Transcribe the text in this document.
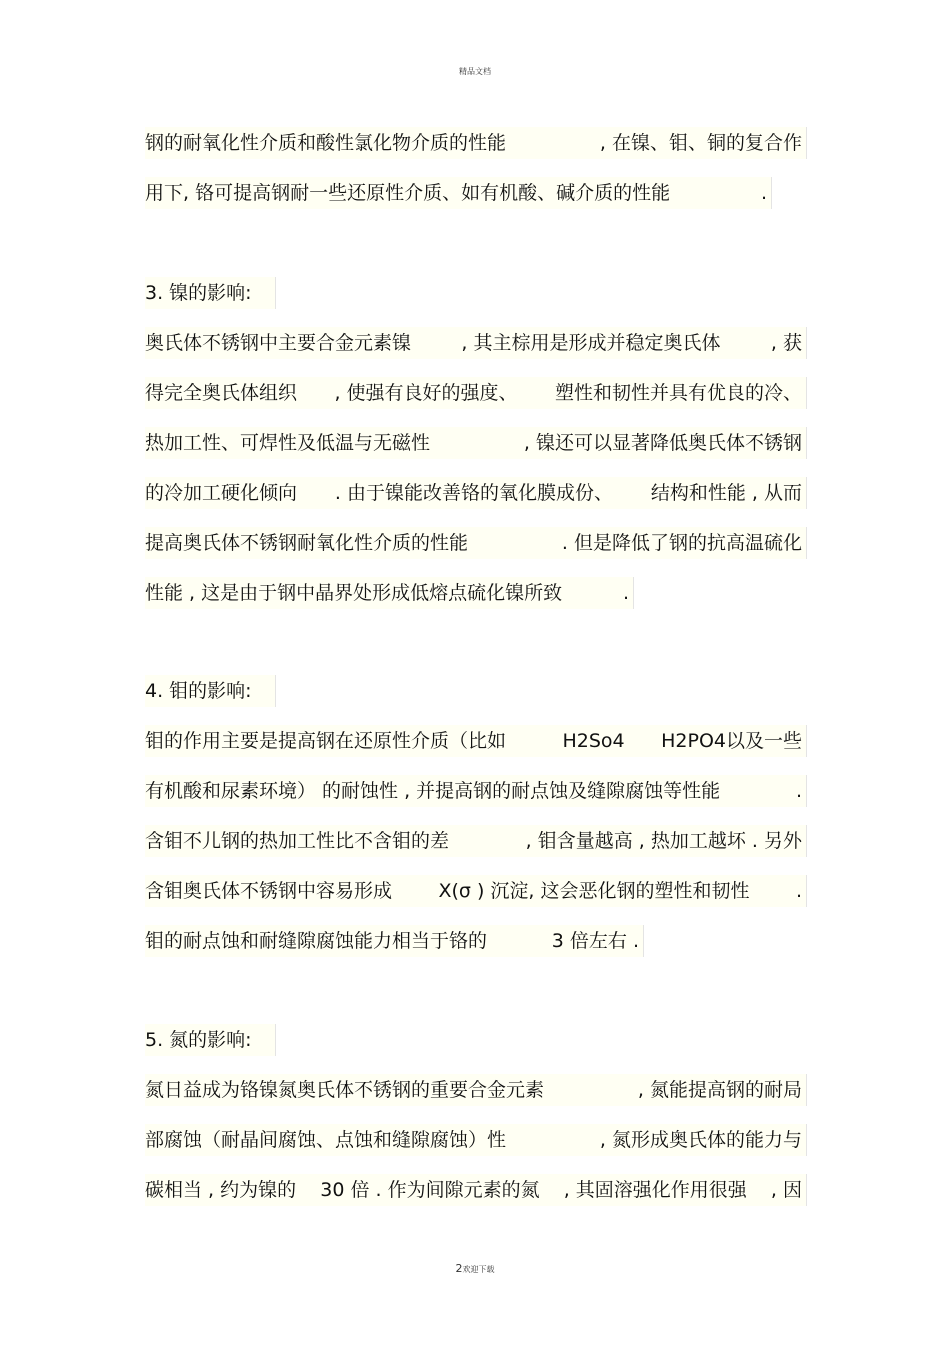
精品文档
钢的耐氧化性介质和酸性氯化物介质的性能	, 在镍、钼、铜的复合作
用下, 铬可提高钢耐一些还原性介质、如有机酸、碱介质的性能	.
3. 镍的影响:
奥氏体不锈钢中主要合金元素镍	, 其主棕用是形成并稳定奥氏体	, 获
得完全奥氏体组织 , 使强有良好的强度、 塑性和韧性并具有优良的冷、
热加工性、可焊性及低温与无磁性	, 镍还可以显著降低奥氏体不锈钢
的冷加工硬化倾向 . 由于镍能改善铬的氧化膜成份、 结构和性能 , 从而
提高奥氏体不锈钢耐氧化性介质的性能	. 但是降低了钢的抗高温硫化
性能 , 这是由于钢中晶界处形成低熔点硫化镍所致	.
4. 钼的影响:
钼的作用主要是提高钢在还原性介质（比如	H2So4 H2PO4以及一些
有机酸和尿素环境） 的耐蚀性 , 并提高钢的耐点蚀及缝隙腐蚀等性能	.
含钼不儿钢的热加工性比不含钼的差	, 钼含量越高 , 热加工越坏 . 另外
含钼奥氏体不锈钢中容易形成 X(σ ) 沉淀, 这会恶化钢的塑性和韧性 .
钼的耐点蚀和耐缝隙腐蚀能力相当于铬的	3 倍左右 .
5. 氮的影响:
氮日益成为铬镍氮奥氏体不锈钢的重要合金元素	, 氮能提高钢的耐局
部腐蚀（耐晶间腐蚀、点蚀和缝隙腐蚀）性	, 氮形成奥氏体的能力与
碳相当 , 约为镍的 30 倍 . 作为间隙元素的氮 , 其固溶强化作用很强 , 因
2欢迎下载
